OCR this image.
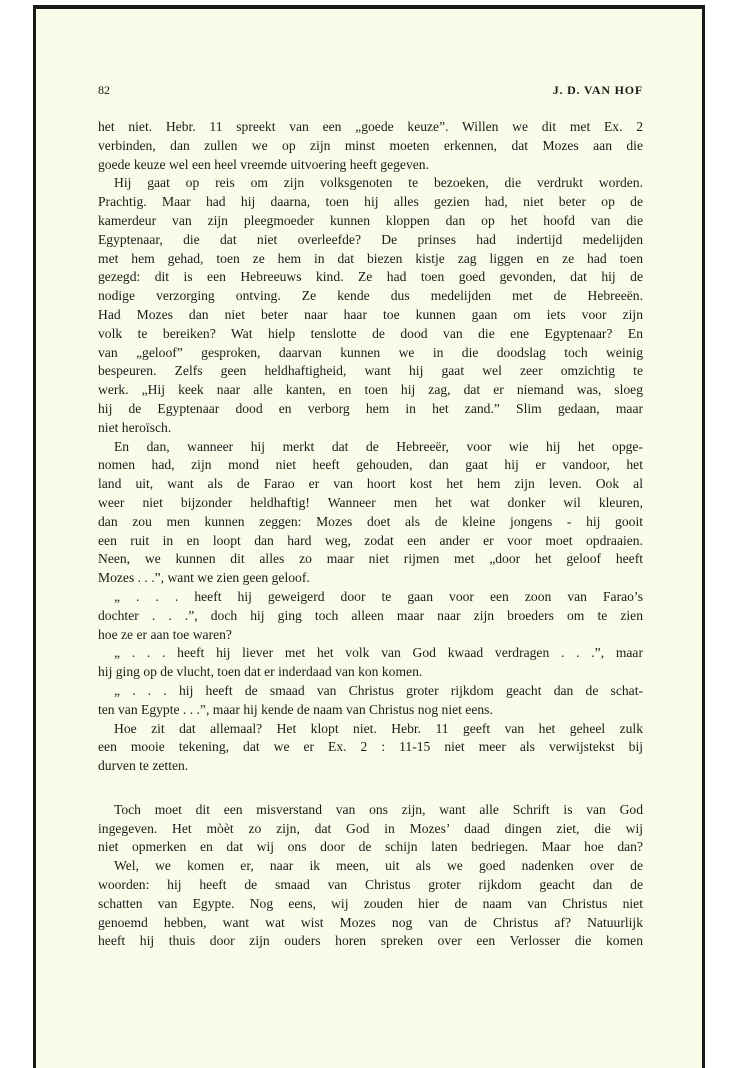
82	J. D. VAN HOF
het niet. Hebr. 11 spreekt van een „goede keuze”. Willen we dit met Ex. 2
verbinden, dan zullen we op zijn minst moeten erkennen, dat Mozes aan die
goede keuze wel een heel vreemde uitvoering heeft gegeven.
Hij gaat op reis om zijn volksgenoten te bezoeken, die verdrukt worden.
Prachtig. Maar had hij daarna, toen hij alles gezien had, niet beter op de
kamerdeur van zijn pleegmoeder kunnen kloppen dan op het hoofd van die
Egyptenaar, die dat niet overleefde? De prinses had indertijd medelijden
met hem gehad, toen ze hem in dat biezen kistje zag liggen en ze had toen
gezegd: dit is een Hebreeuws kind. Ze had toen goed gevonden, dat hij de
nodige verzorging ontving. Ze kende dus medelijden met de Hebreeën.
Had Mozes dan niet beter naar haar toe kunnen gaan om iets voor zijn
volk te bereiken? Wat hielp tenslotte de dood van die ene Egyptenaar? En
van „geloof” gesproken, daarvan kunnen we in die doodslag toch weinig
bespeuren. Zelfs geen heldhaftigheid, want hij gaat wel zeer omzichtig te
werk. „Hij keek naar alle kanten, en toen hij zag, dat er niemand was, sloeg
hij de Egyptenaar dood en verborg hem in het zand.” Slim gedaan, maar
niet heroïsch.
En dan, wanneer hij merkt dat de Hebreeër, voor wie hij het opge-
nomen had, zijn mond niet heeft gehouden, dan gaat hij er vandoor, het
land uit, want als de Farao er van hoort kost het hem zijn leven. Ook al
weer niet bijzonder heldhaftig! Wanneer men het wat donker wil kleuren,
dan zou men kunnen zeggen: Mozes doet als de kleine jongens - hij gooit
een ruit in en loopt dan hard weg, zodat een ander er voor moet opdraaien.
Neen, we kunnen dit alles zo maar niet rijmen met „door het geloof heeft
Mozes . . .”, want we zien geen geloof.
„ . . . heeft hij geweigerd door te gaan voor een zoon van Farao’s
dochter . . .”, doch hij ging toch alleen maar naar zijn broeders om te zien
hoe ze er aan toe waren?
„ . . . heeft hij liever met het volk van God kwaad verdragen . . .”, maar
hij ging op de vlucht, toen dat er inderdaad van kon komen.
„ . . . hij heeft de smaad van Christus groter rijkdom geacht dan de schat-
ten van Egypte . . .”, maar hij kende de naam van Christus nog niet eens.
Hoe zit dat allemaal? Het klopt niet. Hebr. 11 geeft van het geheel zulk
een mooie tekening, dat we er Ex. 2 : 11-15 niet meer als verwijstekst bij
durven te zetten.
Toch moet dit een misverstand van ons zijn, want alle Schrift is van God
ingegeven. Het mòèt zo zijn, dat God in Mozes’ daad dingen ziet, die wij
niet opmerken en dat wij ons door de schijn laten bedriegen. Maar hoe dan?
Wel, we komen er, naar ik meen, uit als we goed nadenken over de
woorden: hij heeft de smaad van Christus groter rijkdom geacht dan de
schatten van Egypte. Nog eens, wij zouden hier de naam van Christus niet
genoemd hebben, want wat wist Mozes nog van de Christus af? Natuurlijk
heeft hij thuis door zijn ouders horen spreken over een Verlosser die komen
